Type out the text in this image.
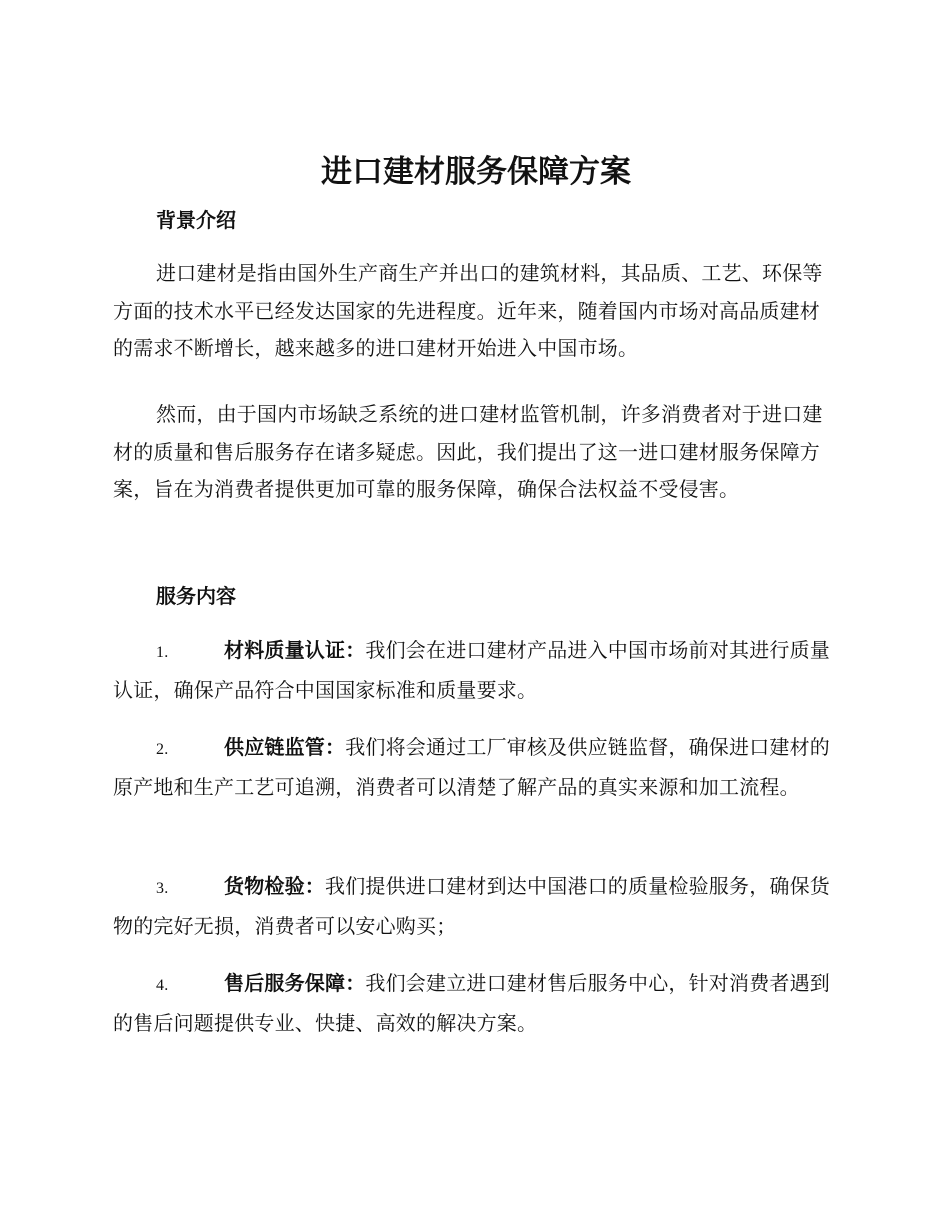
进口建材服务保障方案
背景介绍

进口建材是指由国外生产商生产并出口的建筑材料，其品质、工艺、环保等方面的技术水平已经发达国家的先进程度。近年来，随着国内市场对高品质建材的需求不断增长，越来越多的进口建材开始进入中国市场。

然而，由于国内市场缺乏系统的进口建材监管机制，许多消费者对于进口建材的质量和售后服务存在诸多疑虑。因此，我们提出了这一进口建材服务保障方案，旨在为消费者提供更加可靠的服务保障，确保合法权益不受侵害。

服务内容

1.	材料质量认证：我们会在进口建材产品进入中国市场前对其进行质量认证，确保产品符合中国国家标准和质量要求。

2.	供应链监管：我们将会通过工厂审核及供应链监督，确保进口建材的原产地和生产工艺可追溯，消费者可以清楚了解产品的真实来源和加工流程。

3.	货物检验：我们提供进口建材到达中国港口的质量检验服务，确保货物的完好无损，消费者可以安心购买；

4.	售后服务保障：我们会建立进口建材售后服务中心，针对消费者遇到的售后问题提供专业、快捷、高效的解决方案。
